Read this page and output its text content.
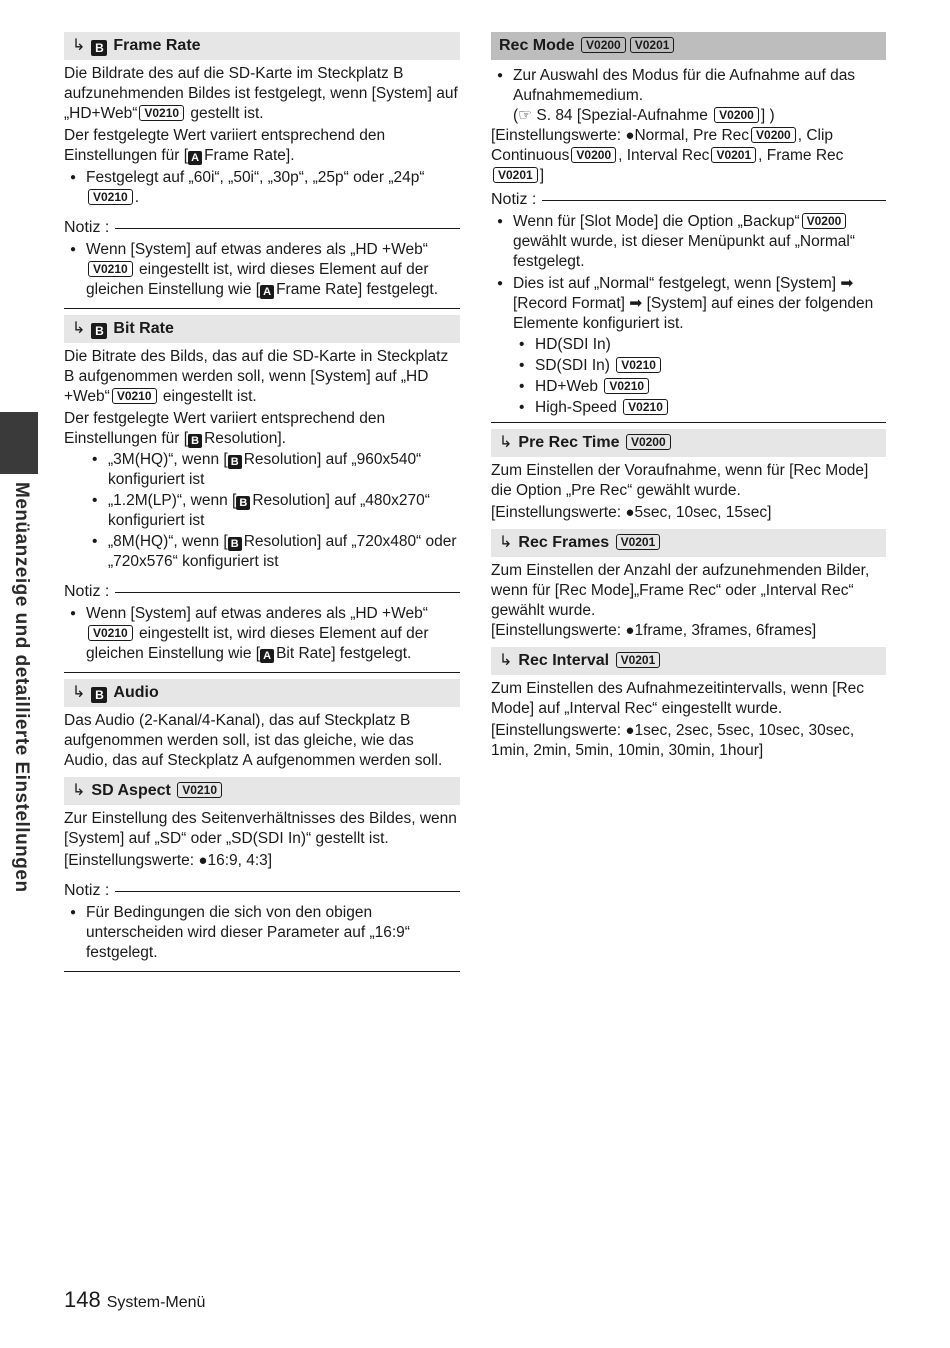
Menüanzeige und detaillierte Einstellungen
↳ B Frame Rate

Die Bildrate des auf die SD-Karte im Steckplatz B aufzunehmenden Bildes ist festgelegt, wenn [System] auf „HD+Web“ V0210 gestellt ist.

Der festgelegte Wert variiert entsprechend den Einstellungen für [ A Frame Rate].

● Festgelegt auf „60i“, „50i“, „30p“, „25p“ oder „24p“V0210 .
Notiz :
● Wenn [System] auf etwas anderes als „HD +Web“V0210 eingestellt ist, wird dieses Element auf der gleichen Einstellung wie [ A Frame Rate] festgelegt.
↳ B Bit Rate

Die Bitrate des Bilds, das auf die SD-Karte in Steckplatz B aufgenommen werden soll, wenn [System] auf „HD +Web“ V0210 eingestellt ist.

Der festgelegte Wert variiert entsprechend den Einstellungen für [ B Resolution].

• „3M(HQ)“, wenn [ B Resolution] auf „960x540“ konfiguriert ist
• „1.2M(LP)“, wenn [ B Resolution] auf „480x270“ konfiguriert ist
• „8M(HQ)“, wenn [ B Resolution] auf „720x480“ oder „720x576“ konfiguriert ist
Notiz :
● Wenn [System] auf etwas anderes als „HD +Web“V0210 eingestellt ist, wird dieses Element auf der gleichen Einstellung wie [ A Bit Rate] festgelegt.
↳ B Audio

Das Audio (2-Kanal/4-Kanal), das auf Steckplatz B aufgenommen werden soll, ist das gleiche, wie das Audio, das auf Steckplatz A aufgenommen werden soll.

↳ SD Aspect V0210

Zur Einstellung des Seitenverhältnisses des Bildes, wenn [System] auf „SD“ oder „SD(SDI In)“ gestellt ist.

[Einstellungswerte: ●16:9, 4:3]

Notiz :
● Für Bedingungen die sich von den obigen unterscheiden wird dieser Parameter auf „16:9“ festgelegt.
Rec Mode V0200 V0201
● Zur Auswahl des Modus für die Aufnahme auf das Aufnahmemedium.

(☞ S. 84 [Spezial-Aufnahme V0200 ] )

[Einstellungswerte: ●Normal, Pre Rec V0200 , Clip Continuous V0200 , Interval Rec V0201 , Frame RecV0201 ]

Notiz :
● Wenn für [Slot Mode] die Option „Backup“ V0200 gewählt wurde, ist dieser Menüpunkt auf „Normal“ festgelegt.
● Dies ist auf „Normal“ festgelegt, wenn [System] ➡ [Record Format] ➡ [System] auf eines der folgenden Elemente konfiguriert ist.
• HD(SDI In)
• SD(SDI In) V0210
• HD+Web V0210
• High-Speed V0210
↳ Pre Rec Time V0200

Zum Einstellen der Voraufnahme, wenn für [Rec Mode] die Option „Pre Rec“ gewählt wurde.

[Einstellungswerte: ●5sec, 10sec, 15sec]

↳ Rec Frames V0201

Zum Einstellen der Anzahl der aufzunehmenden Bilder, wenn für [Rec Mode]„Frame Rec“ oder „Interval Rec“ gewählt wurde.

[Einstellungswerte: ●1frame, 3frames, 6frames]

↳ Rec Interval V0201

Zum Einstellen des Aufnahmezeitintervalls, wenn [Rec Mode] auf „Interval Rec“ eingestellt wurde.

[Einstellungswerte: ●1sec, 2sec, 5sec, 10sec, 30sec, 1min, 2min, 5min, 10min, 30min, 1hour]

148 System-Menü
